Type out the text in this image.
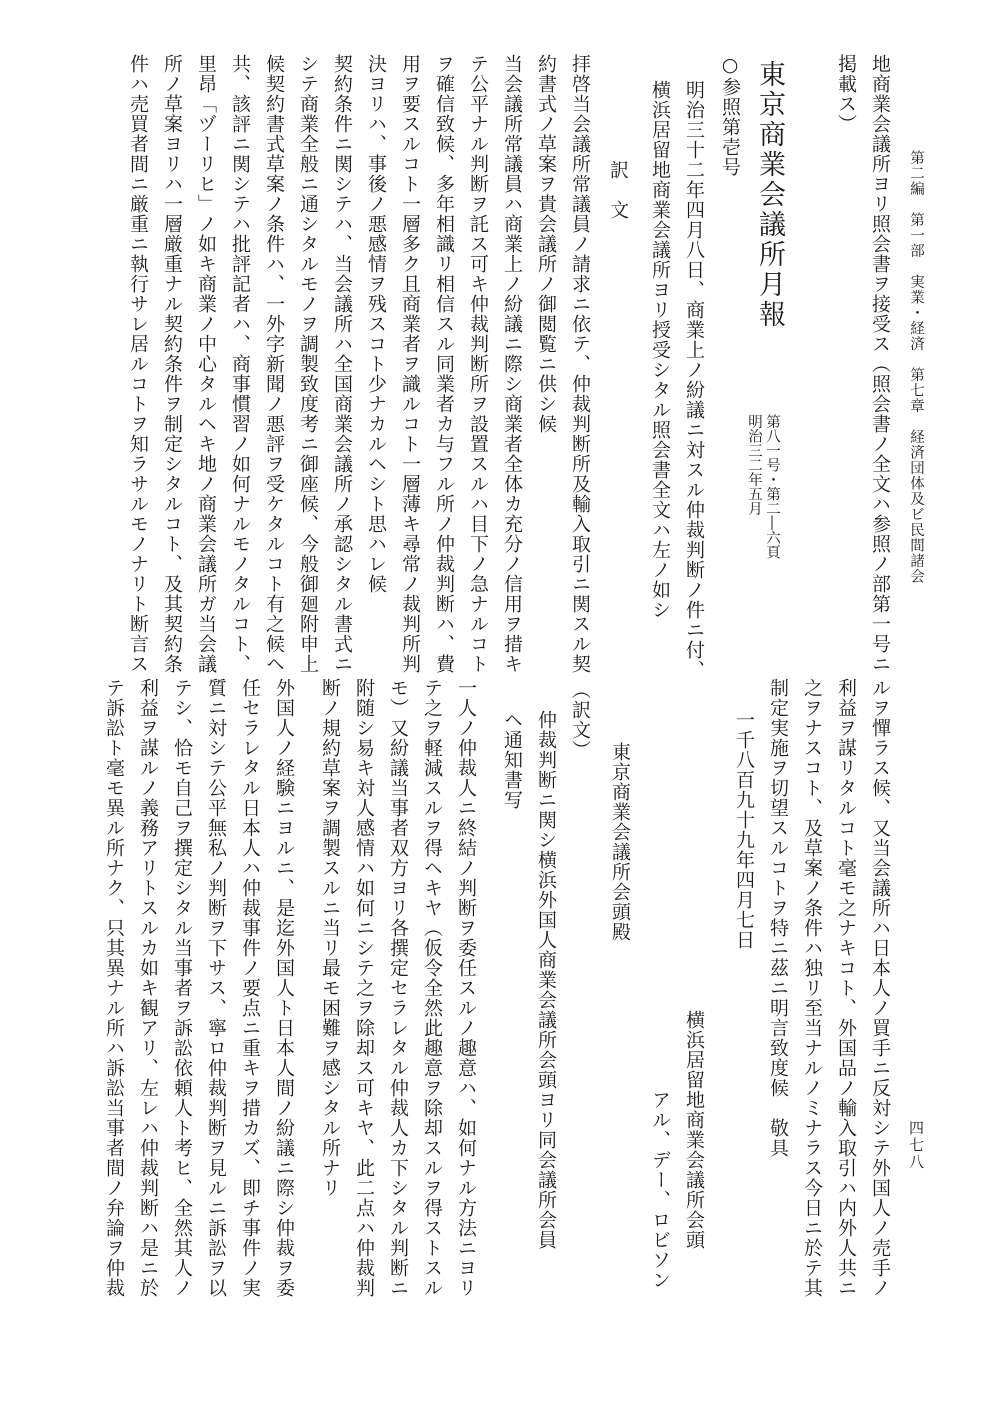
第二編　第一部　実業・経済　第七章　経済団体及ビ民間諸会
四七八
地商業会議所ヨリ照会書ヲ接受ス（照会書ノ全文ハ参照ノ部第一号ニ
掲載ス）
東京商業会議所月報
○参照第壱号
第八一号・第二―六頁
明治三二年五月
明治三十二年四月八日、商業上ノ紛議ニ対スル仲裁判断ノ件ニ付、
横浜居留地商業会議所ヨリ授受シタル照会書全文ハ左ノ如シ
訳　文
拝啓当会議所常議員ノ請求ニ依テ、仲裁判断所及輸入取引ニ関スル契
約書式ノ草案ヲ貴会議所ノ御閲覧ニ供シ候
当会議所常議員ハ商業上ノ紛議ニ際シ商業者全体カ充分ノ信用ヲ措キ
テ公平ナル判断ヲ託ス可キ仲裁判断所ヲ設置スルハ目下ノ急ナルコト
ヲ確信致候、多年相識リ相信スル同業者カ与フル所ノ仲裁判断ハ、費
用ヲ要スルコト一層多ク且商業者ヲ識ルコト一層薄キ尋常ノ裁判所判
決ヨリハ、事後ノ悪感情ヲ残スコト少ナカルヘシト思ハレ候
契約条件ニ関シテハ、当会議所ハ全国商業会議所ノ承認シタル書式ニ
シテ商業全般ニ通シタルモノヲ調製致度考ニ御座候、今般御廻附申上
候契約書式草案ノ条件ハ、一外字新聞ノ悪評ヲ受ケタルコト有之候ヘ
共、該評ニ関シテハ批評記者ハ、商事慣習ノ如何ナルモノタルコト、
里昂「ヅーリヒ」ノ如キ商業ノ中心タルヘキ地ノ商業会議所ガ当会議
所ノ草案ヨリハ一層厳重ナル契約条件ヲ制定シタルコト、及其契約条
件ハ売買者間ニ厳重ニ執行サレ居ルコトヲ知ラサルモノナリト断言ス
ルヲ憚ラス候、又当会議所ハ日本人ノ買手ニ反対シテ外国人ノ売手ノ
利益ヲ謀リタルコト毫モ之ナキコト、外国品ノ輸入取引ハ内外人共ニ
之ヲナスコト、及草案ノ条件ハ独リ至当ナルノミナラス今日ニ於テ其
制定実施ヲ切望スルコトヲ特ニ茲ニ明言致度候　敬具
一千八百九十九年四月七日
横浜居留地商業会議所会頭
アル、デー、ロビソン
東京商業会議所会頭殿
（訳文）
仲裁判断ニ関シ横浜外国人商業会議所会頭ヨリ同会議所会員
ヘ通知書写
一人ノ仲裁人ニ終結ノ判断ヲ委任スルノ趣意ハ、如何ナル方法ニヨリ
テ之ヲ軽減スルヲ得ヘキヤ（仮令全然此趣意ヲ除却スルヲ得ストスル
モ）又紛議当事者双方ヨリ各撰定セラレタル仲裁人カ下シタル判断ニ
附随シ易キ対人感情ハ如何ニシテ之ヲ除却ス可キヤ、此二点ハ仲裁判
断ノ規約草案ヲ調製スルニ当リ最モ困難ヲ感シタル所ナリ
外国人ノ経験ニヨルニ、是迄外国人ト日本人間ノ紛議ニ際シ仲裁ヲ委
任セラレタル日本人ハ仲裁事件ノ要点ニ重キヲ措カズ、即チ事件ノ実
質ニ対シテ公平無私ノ判断ヲ下サス、寧ロ仲裁判断ヲ見ルニ訴訟ヲ以
テシ、恰モ自己ヲ撰定シタル当事者ヲ訴訟依頼人ト考ヒ、全然其人ノ
利益ヲ謀ルノ義務アリトスルカ如キ観アリ、左レハ仲裁判断ハ是ニ於
テ訴訟ト毫モ異ル所ナク、只其異ナル所ハ訴訟当事者間ノ弁論ヲ仲裁
